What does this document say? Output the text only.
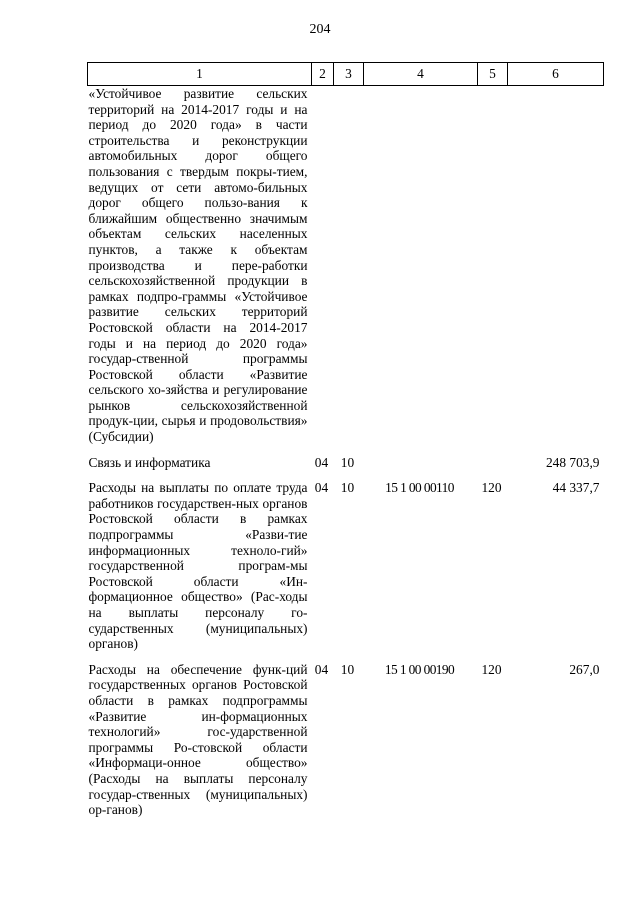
204
1	2	3	4	5	6
«Устойчивое развитие сельских территорий на 2014-2017 годы и на период до 2020 года» в части строительства и реконструкции автомобильных дорог общего пользования с твердым покры-тием, ведущих от сети автомо-бильных дорог общего пользо-вания к ближайшим общественно значимым объектам сельских населенных пунктов, а также к объектам производства и пере-работки сельскохозяйственной продукции в рамках подпро-граммы «Устойчивое развитие сельских территорий Ростовской области на 2014-2017 годы и на период до 2020 года» государ-ственной программы Ростовской области «Развитие сельского хо-зяйства и регулирование рынков сельскохозяйственной продук-ции, сырья и продовольствия» (Субсидии)					
Связь и информатика	04	10			248 703,9
Расходы на выплаты по оплате труда работников государствен-ных органов Ростовской области в рамках подпрограммы «Разви-тие информационных техноло-гий» государственной програм-мы Ростовской области «Ин-формационное общество» (Рас-ходы на выплаты персоналу го-сударственных (муниципальных) органов)	04	10	15 1 00 00110	120	44 337,7
Расходы на обеспечение функ-ций государственных органов Ростовской области в рамках подпрограммы «Развитие ин-формационных технологий» гос-ударственной программы Ро-стовской области «Информаци-онное общество» (Расходы на выплаты персоналу государ-ственных (муниципальных) ор-ганов)	04	10	15 1 00 00190	120	267,0
